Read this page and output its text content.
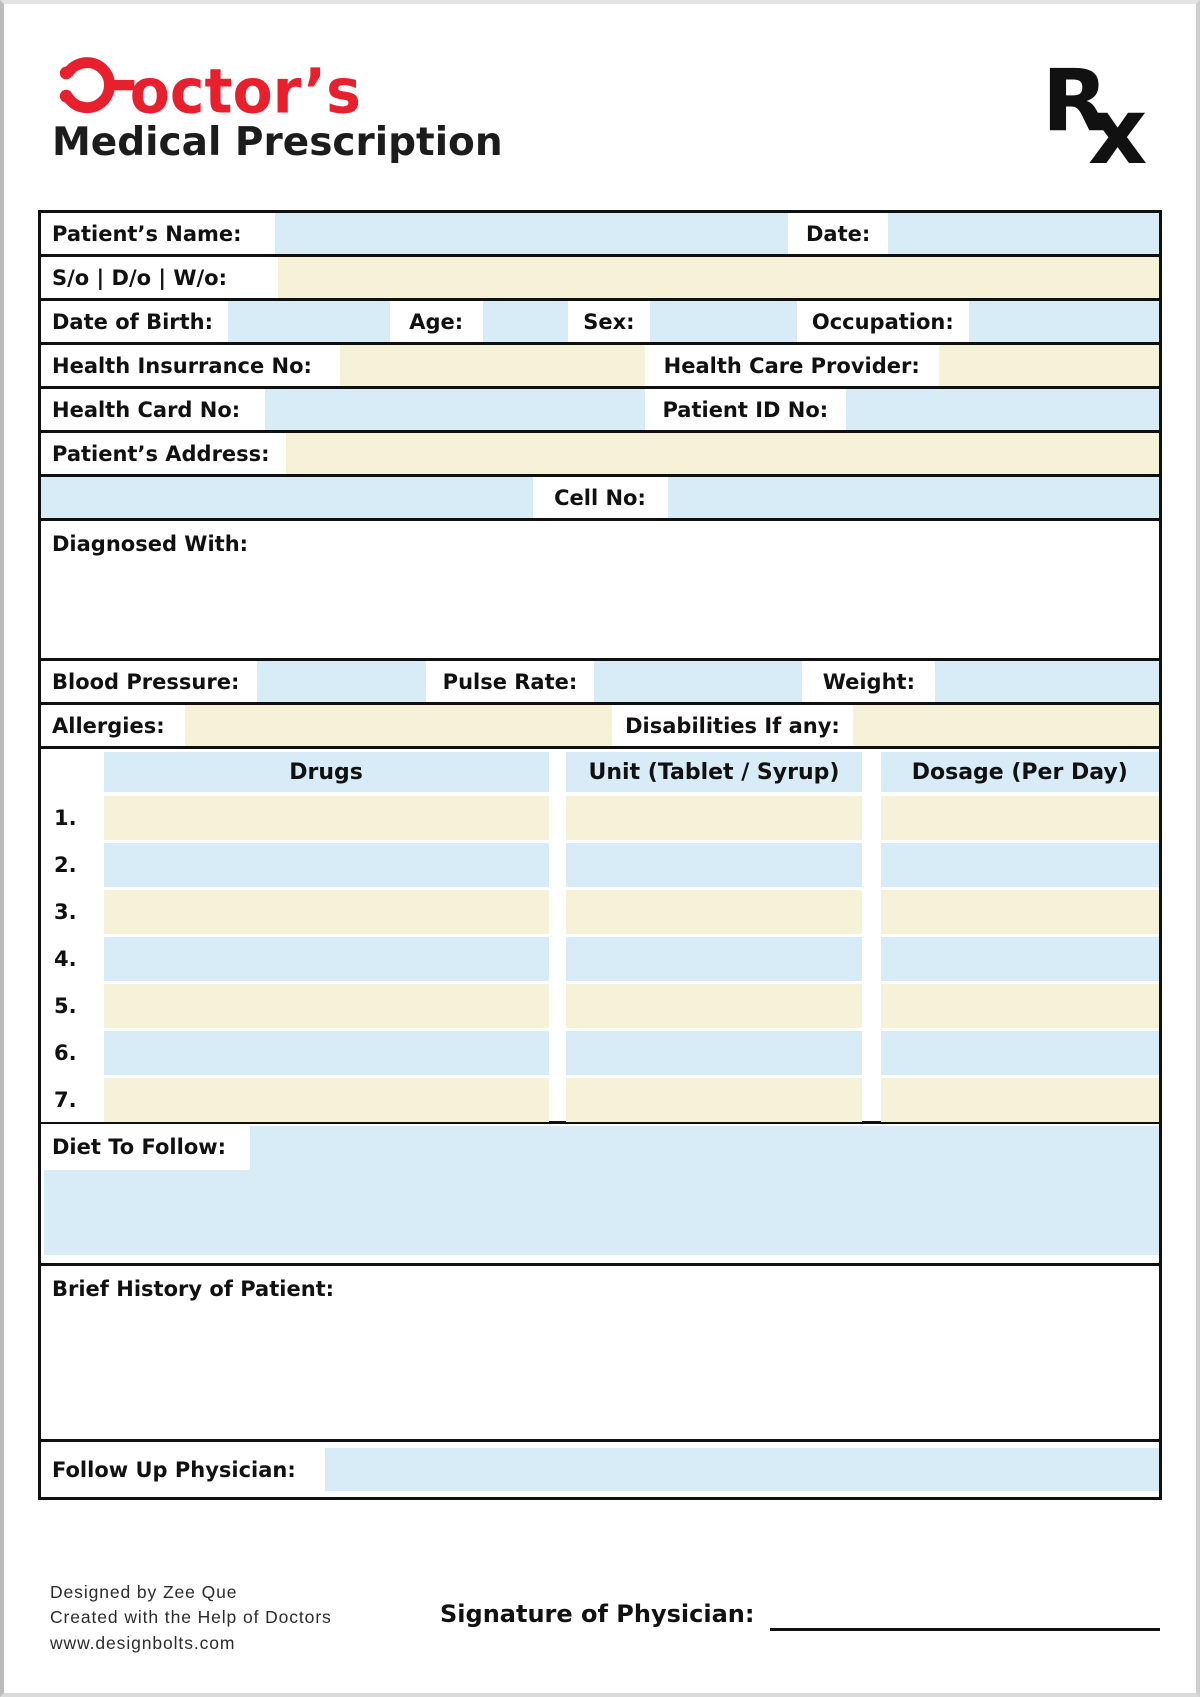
octor’s
Medical Prescription	R
x
Patient’s Name:	Date:
S/o | D/o | W/o:
Date of Birth:	Age:	Sex:	Occupation:
Health Insurrance No:	Health Care Provider:
Health Card No:	Patient ID No:
Patient’s Address:
Cell No:
Diagnosed With:
Blood Pressure:	Pulse Rate:	Weight:
Allergies:	Disabilities If any:
Drugs	Unit (Tablet / Syrup)	Dosage (Per Day)
1.
2.
3.
4.
5.
6.
7.
Diet To Follow:
Brief History of Patient:
Follow Up Physician:
Designed by Zee Que
Created with the Help of Doctors
www.designbolts.com
Signature of Physician:
